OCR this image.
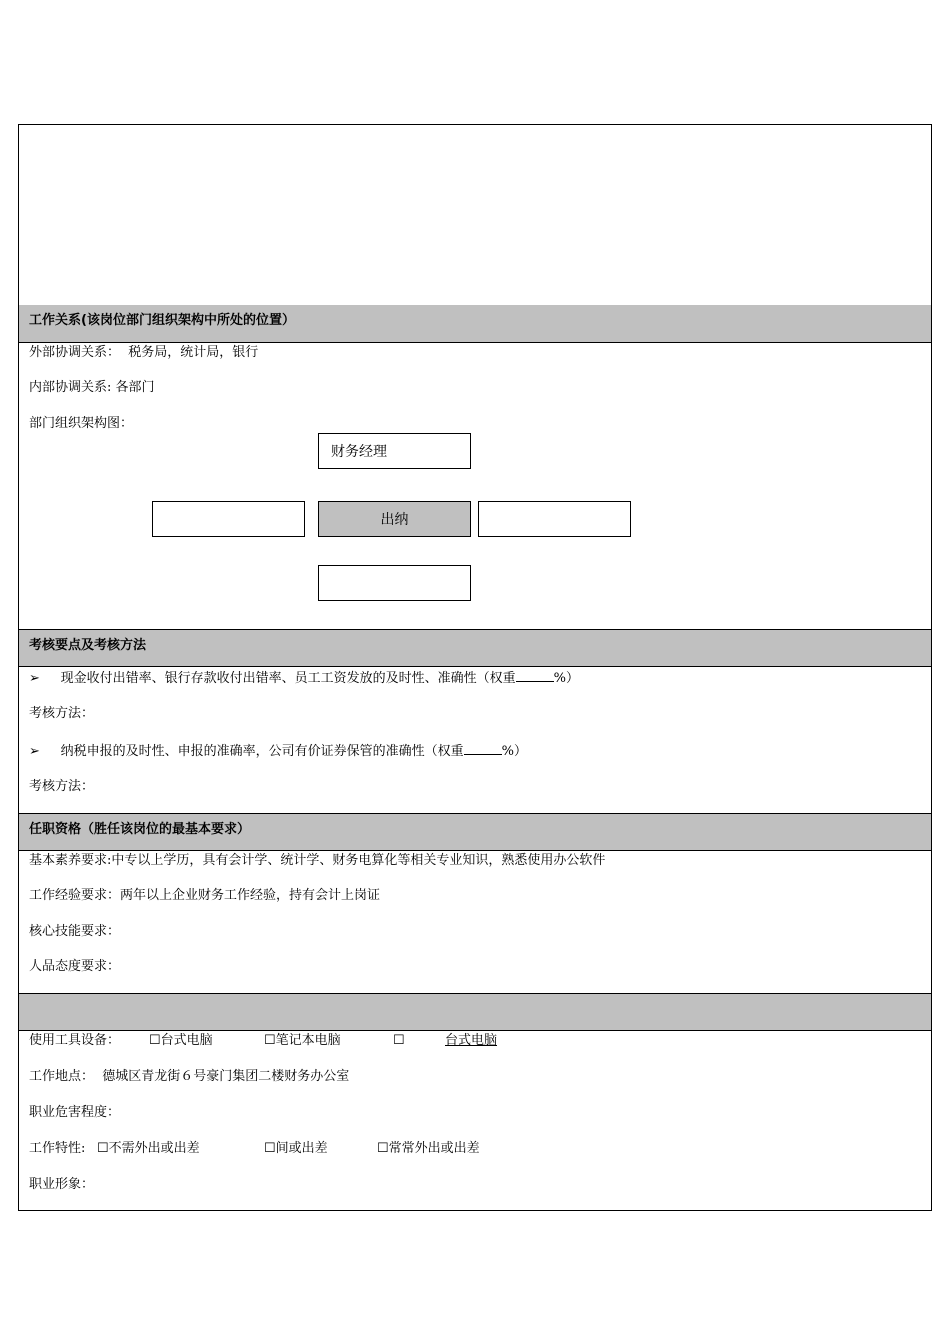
工作关系(该岗位部门组织架构中所处的位置）
外部协调关系： 税务局，统计局，银行
内部协调关系: 各部门
部门组织架构图：
财务经理
出纳
考核要点及考核方法
➢ 现金收付出错率、银行存款收付出错率、员工工资发放的及时性、准确性（权重	%）
考核方法：
➢ 纳税申报的及时性、申报的准确率，公司有价证券保管的准确性（权重	%）
考核方法：
任职资格（胜任该岗位的最基本要求）
基本素养要求:中专以上学历，具有会计学、统计学、财务电算化等相关专业知识，熟悉使用办公软件
工作经验要求：两年以上企业财务工作经验，持有会计上岗证
核心技能要求：
人品态度要求：
使用工具设备： ☐台式电脑	☐笔记本电脑	☐	台式电脑
工作地点： 德城区青龙街６号豪门集团二楼财务办公室
职业危害程度：
工作特性: ☐不需外出或出差	☐间或出差	☐常常外出或出差
职业形象：
